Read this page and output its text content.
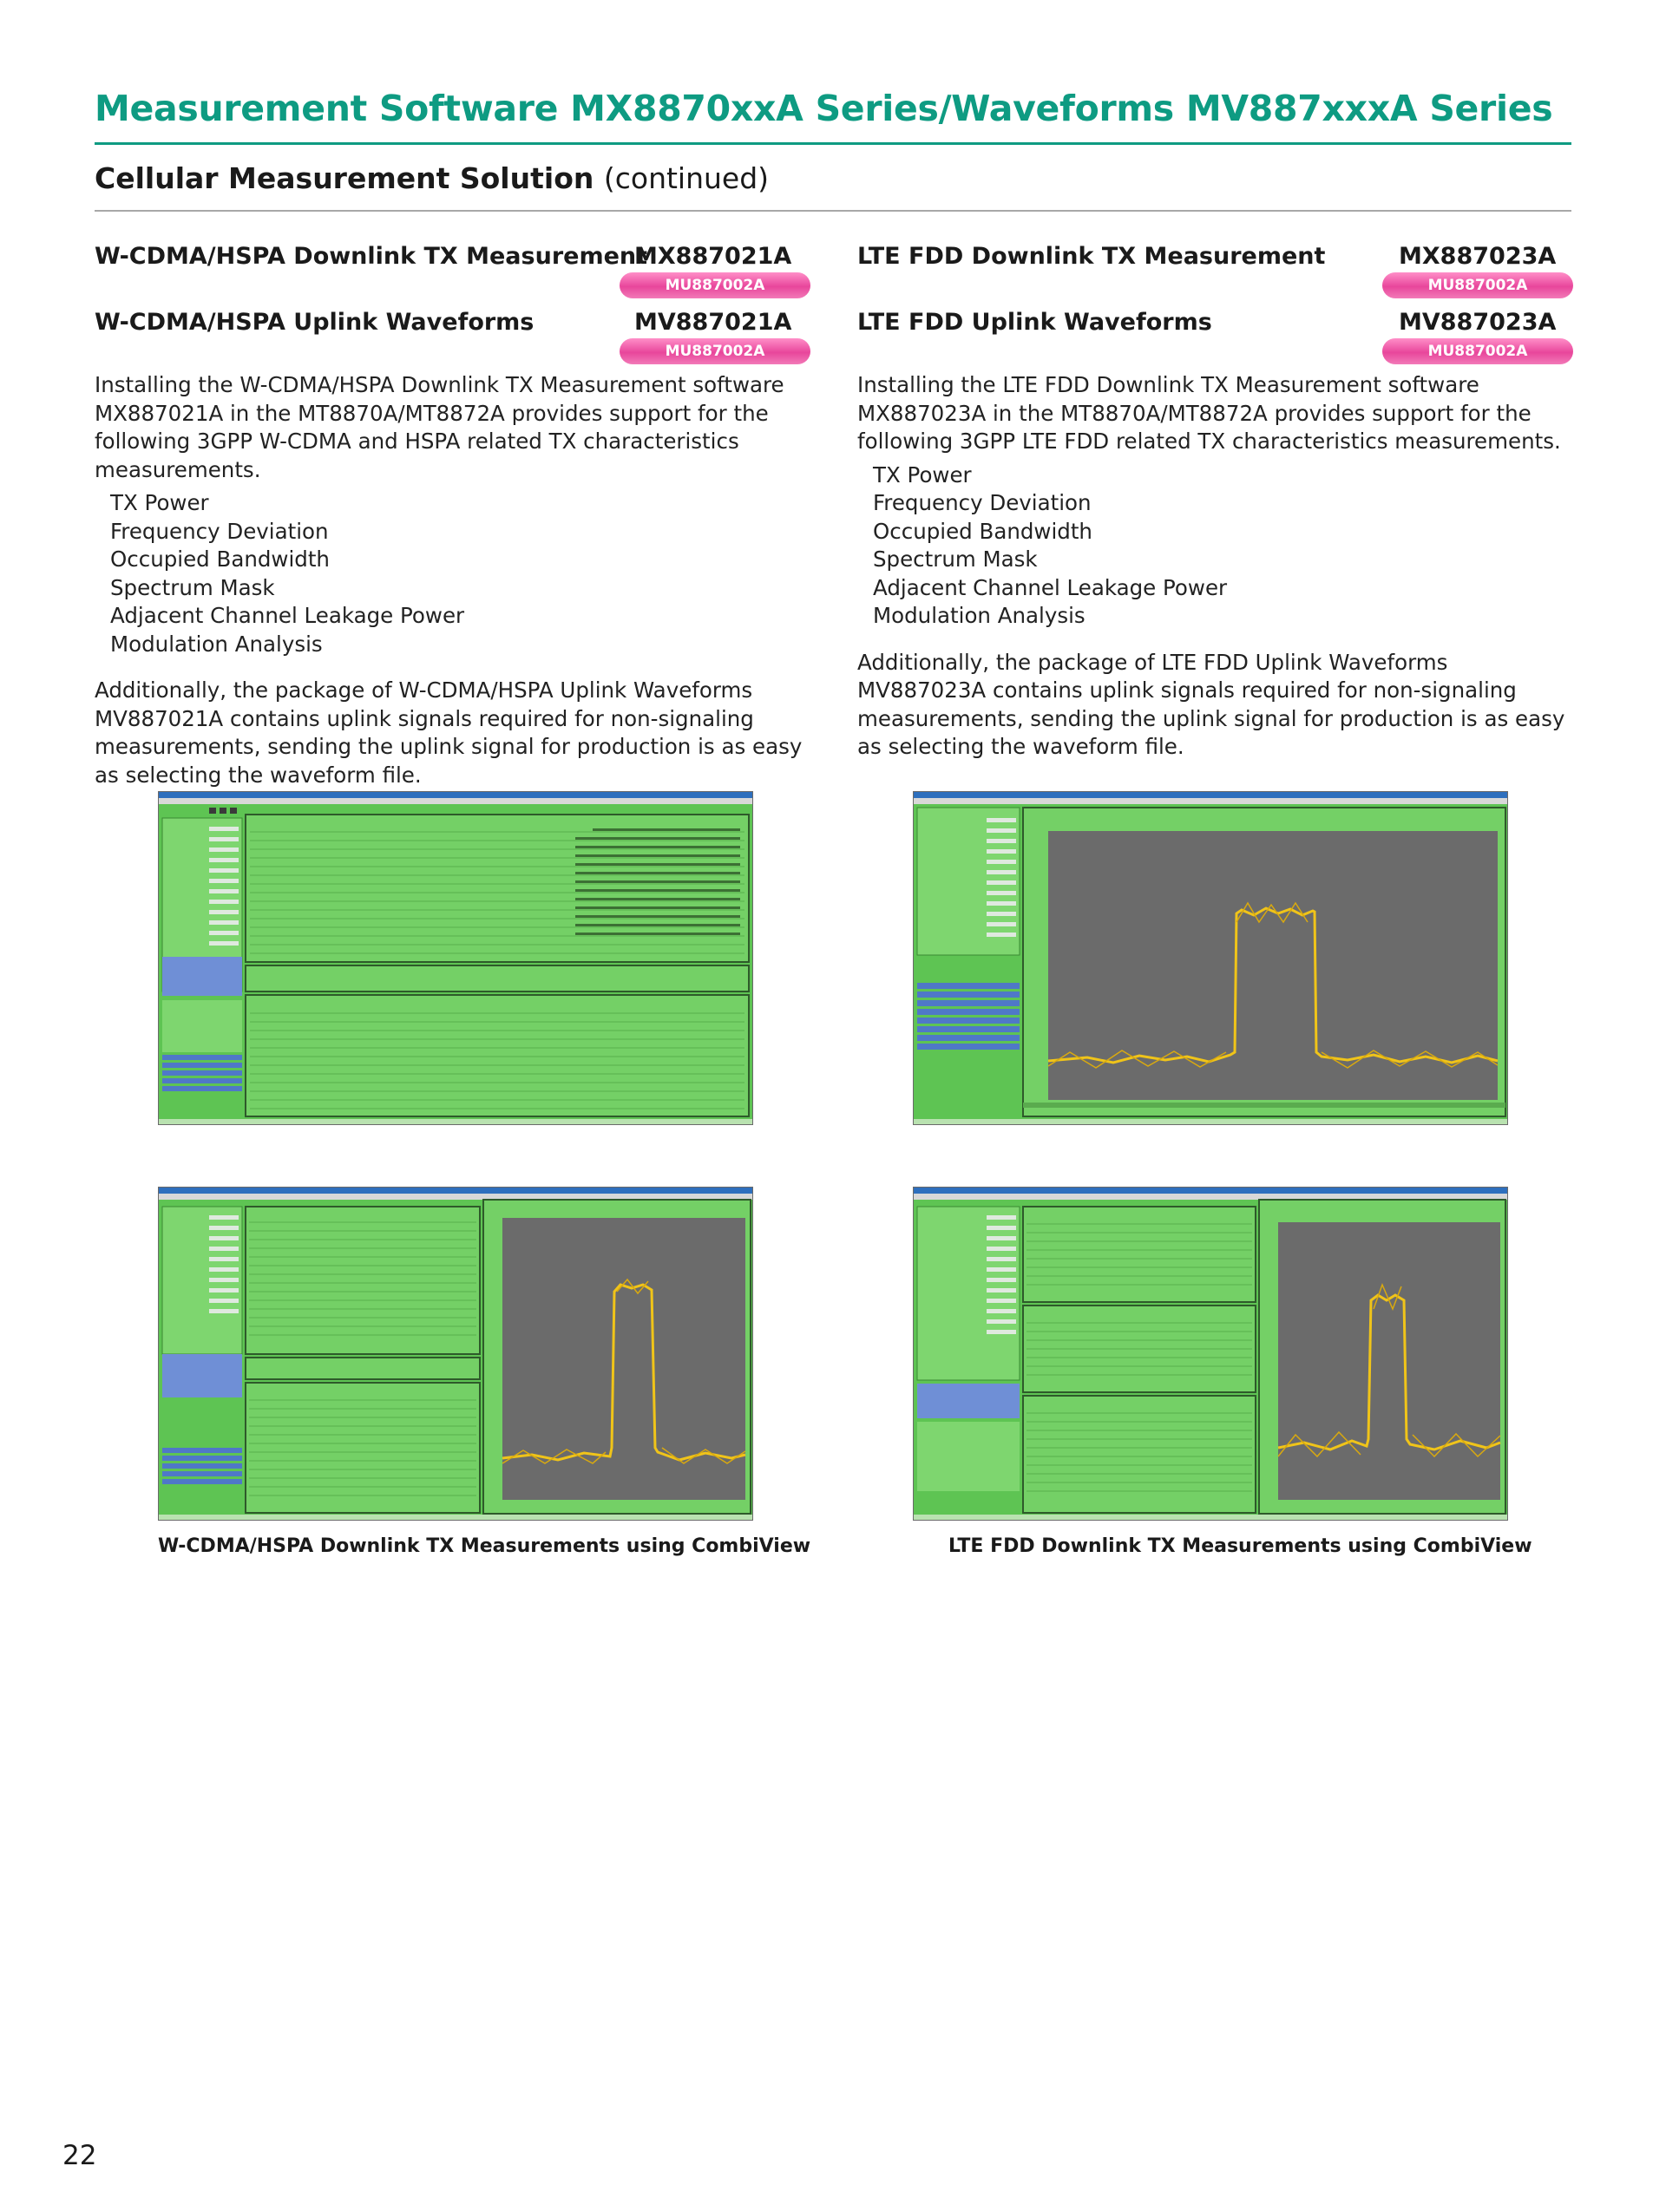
Measurement Software MX8870xxA Series/Waveforms MV887xxxA Series
Cellular Measurement Solution (continued)
W-CDMA/HSPA Downlink TX Measurement
MX887021A
MU887002A
W-CDMA/HSPA Uplink Waveforms	MV887021A
MU887002A

Installing the W-CDMA/HSPA Downlink TX Measurement software MX887021A in the MT8870A/MT8872A provides support for the following 3GPP W-CDMA and HSPA related TX characteristics measurements.

TX Power
Frequency Deviation
Occupied Bandwidth
Spectrum Mask
Adjacent Channel Leakage Power
Modulation Analysis

Additionally, the package of W-CDMA/HSPA Uplink Waveforms MV887021A contains uplink signals required for non-signaling measurements, sending the uplink signal for production is as easy as selecting the waveform file.

LTE FDD Downlink TX Measurement	MX887023A
MU887002A
LTE FDD Uplink Waveforms	MV887023A
MU887002A

Installing the LTE FDD Downlink TX Measurement software MX887023A in the MT8870A/MT8872A provides support for the following 3GPP LTE FDD related TX characteristics measurements.

TX Power
Frequency Deviation
Occupied Bandwidth
Spectrum Mask
Adjacent Channel Leakage Power
Modulation Analysis

Additionally, the package of LTE FDD Uplink Waveforms MV887023A contains uplink signals required for non-signaling measurements, sending the uplink signal for production is as easy as selecting the waveform file.

W-CDMA/HSPA Downlink TX Measurements using CombiView	LTE FDD Downlink TX Measurements using CombiView

22
